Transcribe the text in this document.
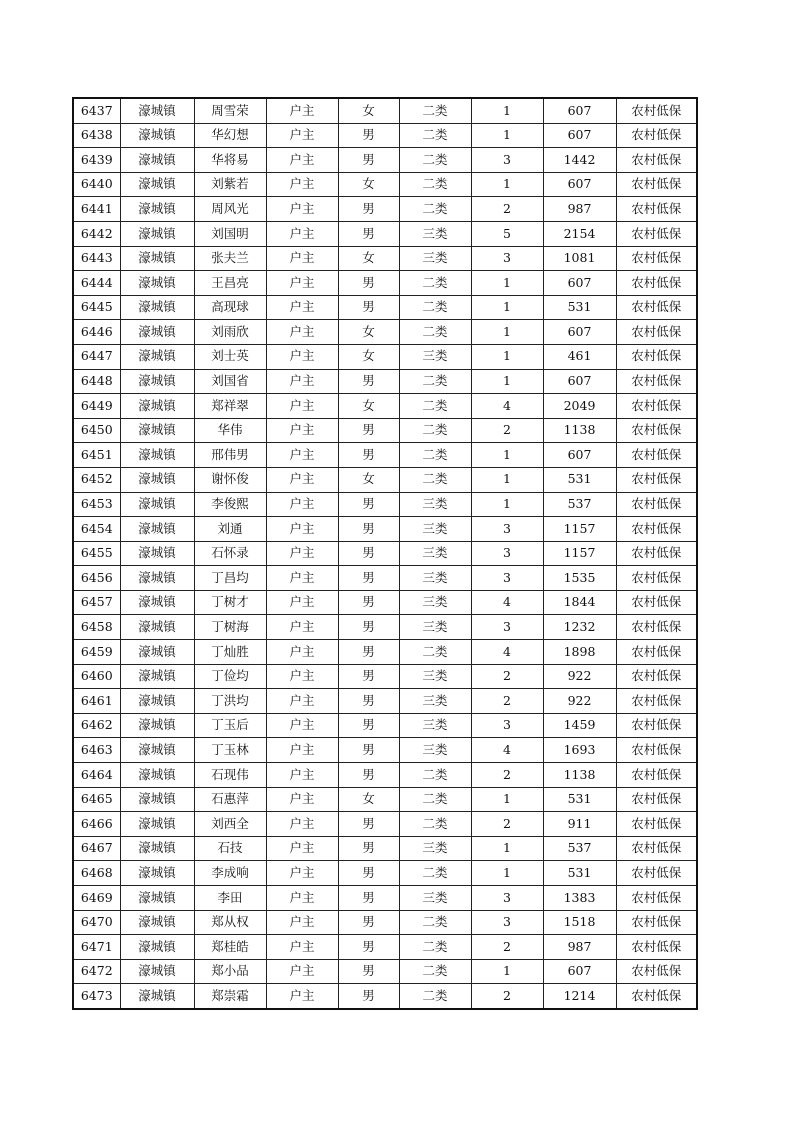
6437	濠城镇	周雪荣	户主	女	二类	1	607	农村低保
6438	濠城镇	华幻想	户主	男	二类	1	607	农村低保
6439	濠城镇	华将易	户主	男	二类	3	1442	农村低保
6440	濠城镇	刘紫若	户主	女	二类	1	607	农村低保
6441	濠城镇	周风光	户主	男	二类	2	987	农村低保
6442	濠城镇	刘国明	户主	男	三类	5	2154	农村低保
6443	濠城镇	张夫兰	户主	女	三类	3	1081	农村低保
6444	濠城镇	王昌亮	户主	男	二类	1	607	农村低保
6445	濠城镇	高现球	户主	男	二类	1	531	农村低保
6446	濠城镇	刘雨欣	户主	女	二类	1	607	农村低保
6447	濠城镇	刘士英	户主	女	三类	1	461	农村低保
6448	濠城镇	刘国省	户主	男	二类	1	607	农村低保
6449	濠城镇	郑祥翠	户主	女	二类	4	2049	农村低保
6450	濠城镇	华伟	户主	男	二类	2	1138	农村低保
6451	濠城镇	邢伟男	户主	男	二类	1	607	农村低保
6452	濠城镇	谢怀俊	户主	女	二类	1	531	农村低保
6453	濠城镇	李俊熙	户主	男	三类	1	537	农村低保
6454	濠城镇	刘通	户主	男	三类	3	1157	农村低保
6455	濠城镇	石怀录	户主	男	三类	3	1157	农村低保
6456	濠城镇	丁昌均	户主	男	三类	3	1535	农村低保
6457	濠城镇	丁树才	户主	男	三类	4	1844	农村低保
6458	濠城镇	丁树海	户主	男	三类	3	1232	农村低保
6459	濠城镇	丁灿胜	户主	男	二类	4	1898	农村低保
6460	濠城镇	丁俭均	户主	男	三类	2	922	农村低保
6461	濠城镇	丁洪均	户主	男	三类	2	922	农村低保
6462	濠城镇	丁玉后	户主	男	三类	3	1459	农村低保
6463	濠城镇	丁玉林	户主	男	三类	4	1693	农村低保
6464	濠城镇	石现伟	户主	男	二类	2	1138	农村低保
6465	濠城镇	石惠萍	户主	女	二类	1	531	农村低保
6466	濠城镇	刘西全	户主	男	二类	2	911	农村低保
6467	濠城镇	石技	户主	男	三类	1	537	农村低保
6468	濠城镇	李成响	户主	男	二类	1	531	农村低保
6469	濠城镇	李田	户主	男	三类	3	1383	农村低保
6470	濠城镇	郑从权	户主	男	二类	3	1518	农村低保
6471	濠城镇	郑桂皓	户主	男	二类	2	987	农村低保
6472	濠城镇	郑小品	户主	男	二类	1	607	农村低保
6473	濠城镇	郑崇霜	户主	男	二类	2	1214	农村低保
